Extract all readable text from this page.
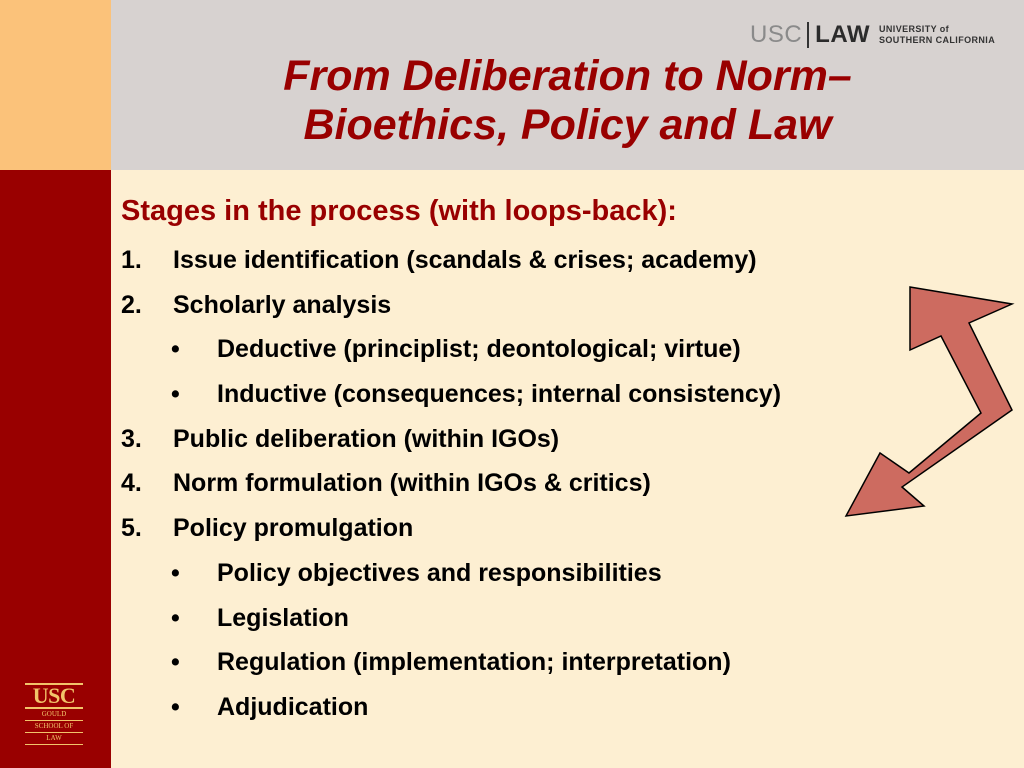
USC LAW UNIVERSITY of
SOUTHERN CALIFORNIA
From Deliberation to Norm–
Bioethics, Policy and Law
Stages in the process (with loops-back):
1. Issue identification (scandals & crises; academy)
2. Scholarly analysis
• Deductive (principlist; deontological; virtue)
• Inductive (consequences; internal consistency)
3. Public deliberation (within IGOs)
4. Norm formulation (within IGOs & critics)
5. Policy promulgation
• Policy objectives and responsibilities
• Legislation
• Regulation (implementation; interpretation)
• Adjudication
USC
GOULD
SCHOOL OF
LAW
